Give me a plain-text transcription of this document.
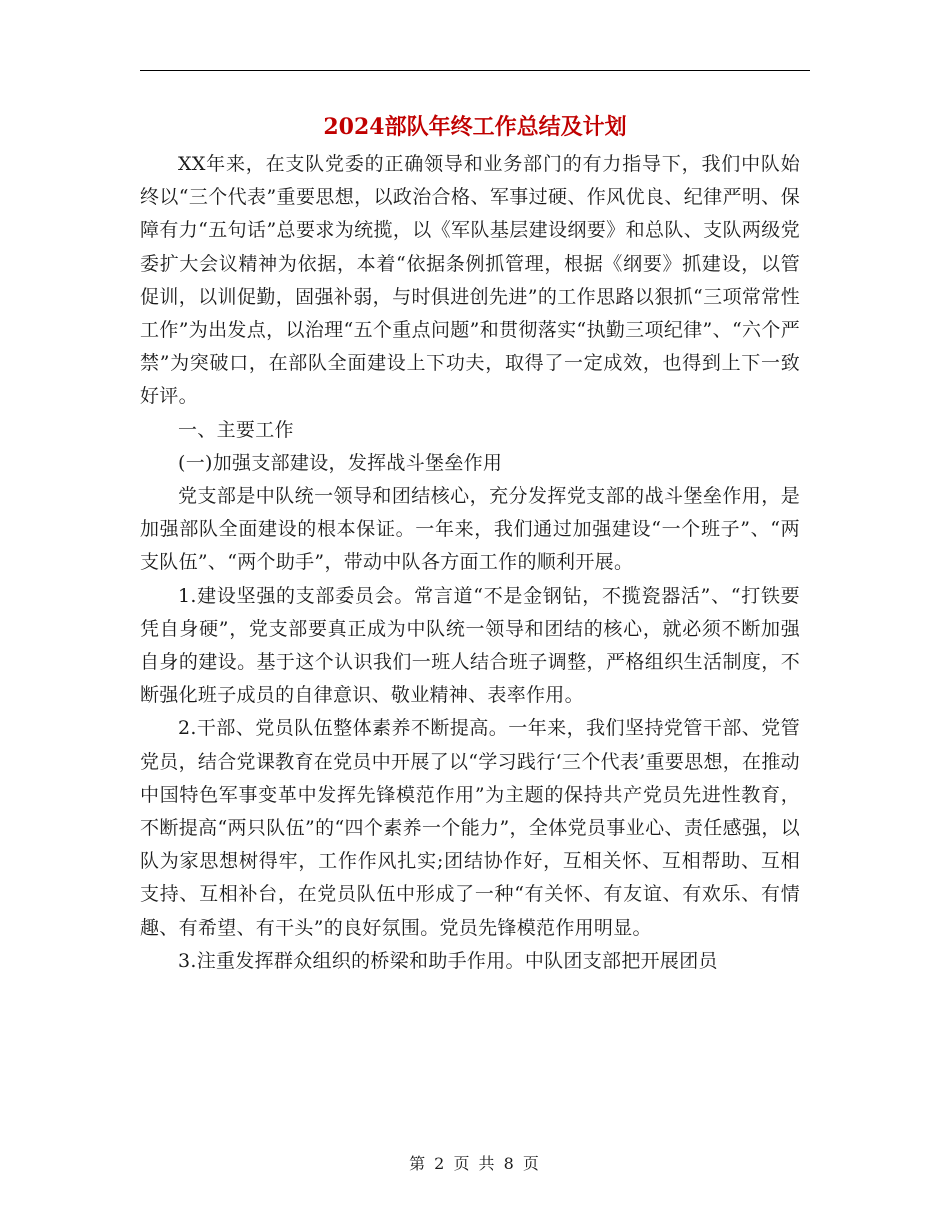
2024部队年终工作总结及计划

XX年来，在支队党委的正确领导和业务部门的有力指导下，我们中队始终以“三个代表”重要思想，以政治合格、军事过硬、作风优良、纪律严明、保障有力“五句话”总要求为统揽，以《军队基层建设纲要》和总队、支队两级党委扩大会议精神为依据，本着“依据条例抓管理，根据《纲要》抓建设，以管促训，以训促勤，固强补弱，与时俱进创先进”的工作思路以狠抓“三项常常性工作”为出发点，以治理“五个重点问题”和贯彻落实“执勤三项纪律”、“六个严禁”为突破口，在部队全面建设上下功夫，取得了一定成效，也得到上下一致好评。

一、主要工作

(一)加强支部建设，发挥战斗堡垒作用

党支部是中队统一领导和团结核心，充分发挥党支部的战斗堡垒作用，是加强部队全面建设的根本保证。一年来，我们通过加强建设“一个班子”、“两支队伍”、“两个助手”，带动中队各方面工作的顺利开展。

1.建设坚强的支部委员会。常言道“不是金钢钻，不揽瓷器活”、“打铁要凭自身硬”，党支部要真正成为中队统一领导和团结的核心，就必须不断加强自身的建设。基于这个认识我们一班人结合班子调整，严格组织生活制度，不断强化班子成员的自律意识、敬业精神、表率作用。

2.干部、党员队伍整体素养不断提高。一年来，我们坚持党管干部、党管党员，结合党课教育在党员中开展了以“学习践行‘三个代表’重要思想，在推动中国特色军事变革中发挥先锋模范作用”为主题的保持共产党员先进性教育，不断提高“两只队伍”的“四个素养一个能力”，全体党员事业心、责任感强，以队为家思想树得牢，工作作风扎实;团结协作好，互相关怀、互相帮助、互相支持、互相补台，在党员队伍中形成了一种“有关怀、有友谊、有欢乐、有情趣、有希望、有干头”的良好氛围。党员先锋模范作用明显。

3.注重发挥群众组织的桥梁和助手作用。中队团支部把开展团员

第 2 页 共 8 页
